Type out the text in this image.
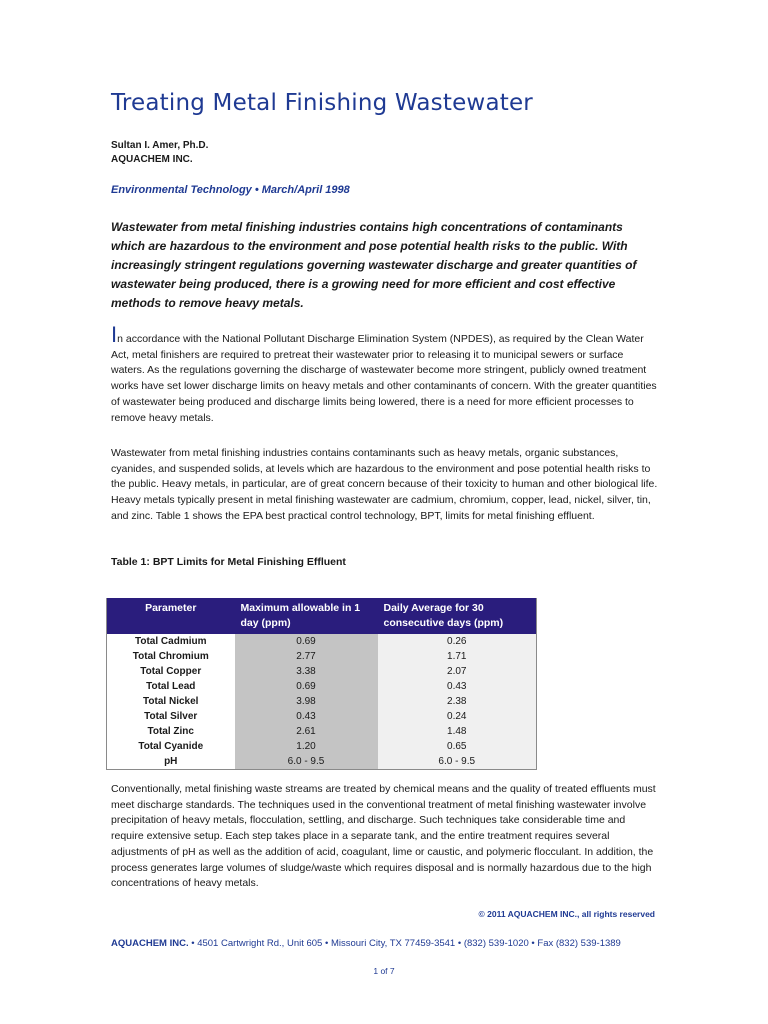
Treating Metal Finishing Wastewater
Sultan I. Amer, Ph.D.
AQUACHEM INC.
Environmental Technology • March/April 1998

Wastewater from metal finishing industries contains high concentrations of contaminants which are hazardous to the environment and pose potential health risks to the public. With increasingly stringent regulations governing wastewater discharge and greater quantities of wastewater being produced, there is a growing need for more efficient and cost effective methods to remove heavy metals.

In accordance with the National Pollutant Discharge Elimination System (NPDES), as required by the Clean Water Act, metal finishers are required to pretreat their wastewater prior to releasing it to municipal sewers or surface waters. As the regulations governing the discharge of wastewater become more stringent, publicly owned treatment works have set lower discharge limits on heavy metals and other contaminants of concern. With the greater quantities of wastewater being produced and discharge limits being lowered, there is a need for more efficient processes to remove heavy metals.

Wastewater from metal finishing industries contains contaminants such as heavy metals, organic substances, cyanides, and suspended solids, at levels which are hazardous to the environment and pose potential health risks to the public. Heavy metals, in particular, are of great concern because of their toxicity to human and other biological life. Heavy metals typically present in metal finishing wastewater are cadmium, chromium, copper, lead, nickel, silver, tin, and zinc. Table 1 shows the EPA best practical control technology, BPT, limits for metal finishing effluent.

Table 1: BPT Limits for Metal Finishing Effluent
Parameter	Maximum allowable in 1 day (ppm)	Daily Average for 30 consecutive days (ppm)
Total Cadmium	0.69	0.26
Total Chromium	2.77	1.71
Total Copper	3.38	2.07
Total Lead	0.69	0.43
Total Nickel	3.98	2.38
Total Silver	0.43	0.24
Total Zinc	2.61	1.48
Total Cyanide	1.20	0.65
pH	6.0 - 9.5	6.0 - 9.5

Conventionally, metal finishing waste streams are treated by chemical means and the quality of treated effluents must meet discharge standards. The techniques used in the conventional treatment of metal finishing wastewater involve precipitation of heavy metals, flocculation, settling, and discharge. Such techniques take considerable time and require extensive setup. Each step takes place in a separate tank, and the entire treatment requires several adjustments of pH as well as the addition of acid, coagulant, lime or caustic, and polymeric flocculant. In addition, the process generates large volumes of sludge/waste which requires disposal and is normally hazardous due to the high concentrations of heavy metals.

© 2011 AQUACHEM INC., all rights reserved
AQUACHEM INC. • 4501 Cartwright Rd., Unit 605 • Missouri City, TX 77459-3541 • (832) 539-1020 • Fax (832) 539-1389
1 of 7
